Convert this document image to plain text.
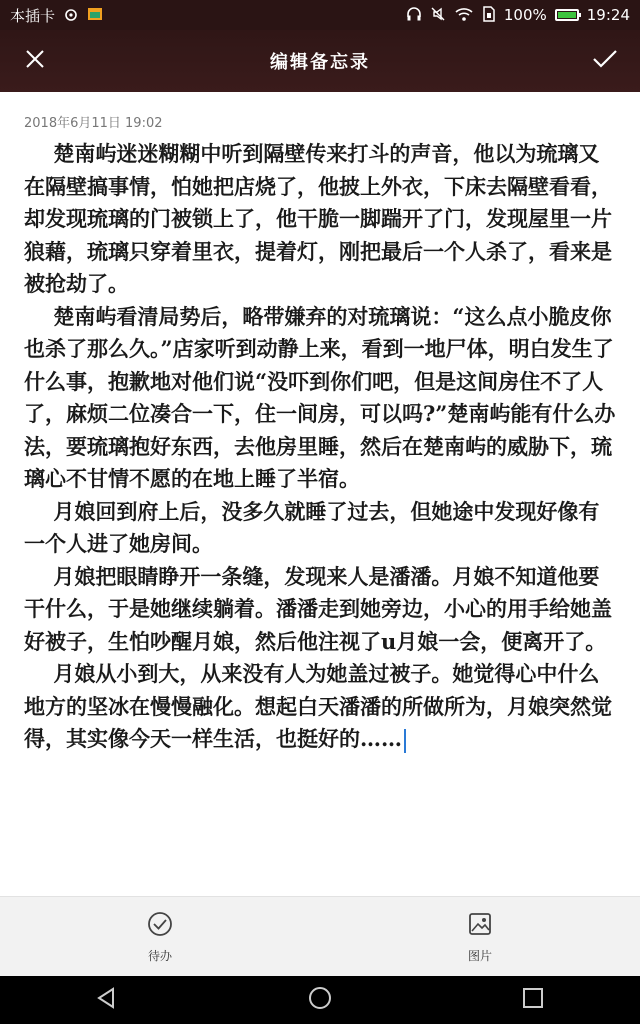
本插卡	100%	19:24
编辑备忘录
2018年6月11日 19:02

楚南屿迷迷糊糊中听到隔壁传来打斗的声音，他以为琉璃又在隔壁搞事情，怕她把店烧了，他披上外衣，下床去隔壁看看，却发现琉璃的门被锁上了，他干脆一脚踹开了门，发现屋里一片狼藉，琉璃只穿着里衣，提着灯，刚把最后一个人杀了，看来是被抢劫了。

楚南屿看清局势后，略带嫌弃的对琉璃说：“这么点小脆皮你也杀了那么久。”店家听到动静上来，看到一地尸体，明白发生了什么事，抱歉地对他们说“没吓到你们吧，但是这间房住不了人了，麻烦二位凑合一下，住一间房，可以吗?”楚南屿能有什么办法，要琉璃抱好东西，去他房里睡，然后在楚南屿的威胁下，琉璃心不甘情不愿的在地上睡了半宿。

月娘回到府上后，没多久就睡了过去，但她途中发现好像有一个人进了她房间。

月娘把眼睛睁开一条缝，发现来人是潘潘。月娘不知道他要干什么，于是她继续躺着。潘潘走到她旁边，小心的用手给她盖好被子，生怕吵醒月娘，然后他注视了u月娘一会，便离开了。

月娘从小到大，从来没有人为她盖过被子。她觉得心中什么地方的坚冰在慢慢融化。想起白天潘潘的所做所为，月娘突然觉得，其实像今天一样生活，也挺好的……

待办	图片
